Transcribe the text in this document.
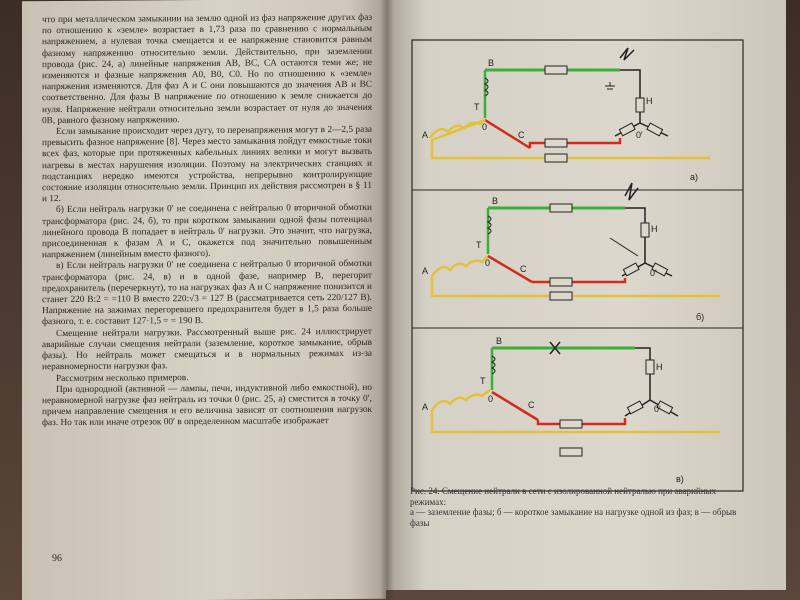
что при металлическом замыкании на землю одной из фаз напряжение других фаз по отношению к «земле» возрастает в 1,73 раза по сравнению с нормальным напряжением, а нулевая точка смещается и ее напряжение становится равным фазному напряжению относительно земли. Действительно, при заземлении провода (рис. 24, а) линейные напряжения AB, BC, CA остаются теми же; не изменяются и фазные напряжения A0, B0, C0. Но по отношению к «земле» напряжения изменяются. Для фаз A и C они повышаются до значения AB и BC соответственно. Для фазы B напряжение по отношению к земле снижается до нуля. Напряжение нейтрали относительно земли возрастает от нуля до значения 0B, равного фазному напряжению.

Если замыкание происходит через дугу, то перенапряжения могут в 2—2,5 раза превысить фазное напряжение [8]. Через место замыкания пойдут емкостные токи всех фаз, которые при протяженных кабельных линиях велики и могут вызвать нагревы в местах нарушения изоляции. Поэтому на электрических станциях и подстанциях нередко имеются устройства, непрерывно контролирующие состояние изоляции относительно земли. Принцип их действия рассмотрен в § 11 и 12.

б) Если нейтраль нагрузки 0′ не соединена с нейтралью 0 вторичной обмотки трансформатора (рис. 24, б), то при коротком замыкании одной фазы потенциал линейного провода B попадает в нейтраль 0′ нагрузки. Это значит, что нагрузка, присоединенная к фазам A и C, окажется под значительно повышенным напряжением (линейным вместо фазного).

в) Если нейтраль нагрузки 0′ не соединена с нейтралью 0 вторичной обмотки трансформатора (рис. 24, в) и в одной фазе, например B, перегорит предохранитель (перечеркнут), то на нагрузках фаз A и C напряжение понизится и станет 220 В:2 = =110 В вместо 220:√3 = 127 В (рассматривается сеть 220/127 В). Напряжение на зажимах перегоревшего предохранителя будет в 1,5 раза больше фазного, т. е. составит 127·1,5 = = 190 В.

Смещение нейтрали нагрузки. Рассмотренный выше рис. 24 иллюстрирует аварийные случаи смещения нейтрали (заземление, короткое замыкание, обрыв фазы). Но нейтраль может смещаться и в нормальных режимах из-за неравномерности нагрузки фаз.

Рассмотрим несколько примеров.

При однородной (активной — лампы, печи, индуктивной либо емкостной), но неравномерной нагрузке фаз нейтраль из точки 0 (рис. 25, а) сместится в точку 0′, причем направление смещения и его величина зависят от соотношения нагрузок фаз. Но так или иначе отрезок 00′ в определенном масштабе изображает

96
B
T
A	C
0
0′
H
а)
B
T
A	C
0
0′
H
б)
B
T
A	C
0
0′
H
в)
Рис. 24. Смещение нейтрали в сети с изолированной нейтралью при аварийных режимах:
а — заземление фазы; б — короткое замыкание на нагрузке одной из фаз; в — обрыв фазы
